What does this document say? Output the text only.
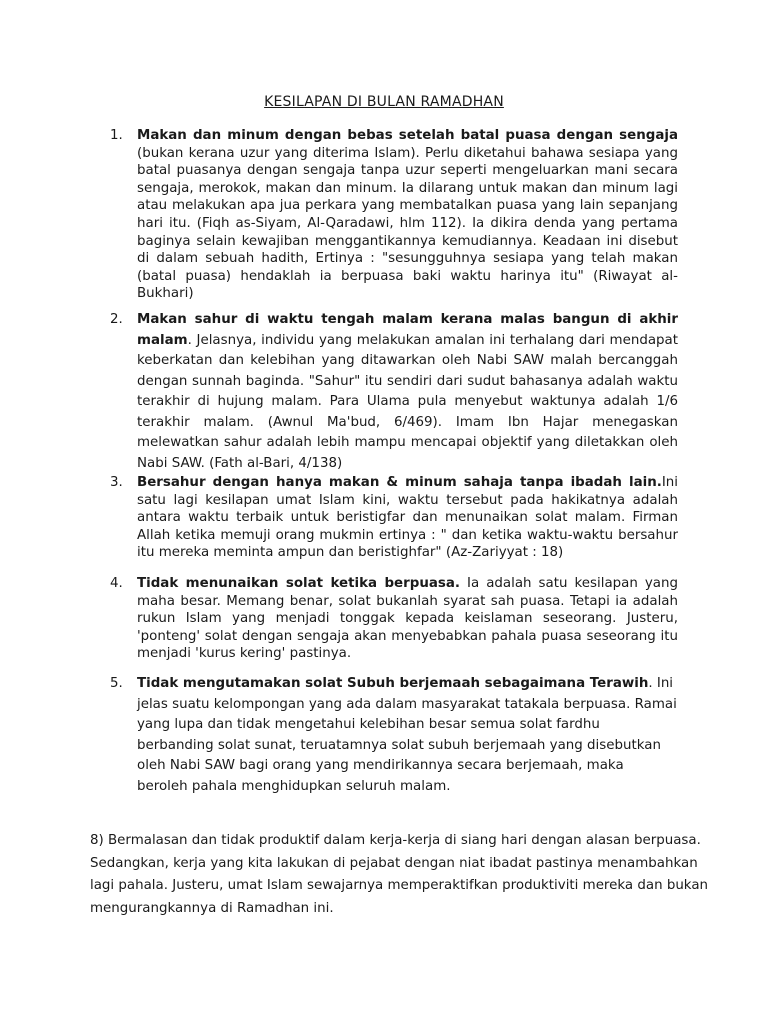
KESILAPAN DI BULAN RAMADHAN
1. Makan dan minum dengan bebas setelah batal puasa dengan sengaja (bukan kerana uzur yang diterima Islam). Perlu diketahui bahawa sesiapa yang batal puasanya dengan sengaja tanpa uzur seperti mengeluarkan mani secara sengaja, merokok, makan dan minum. Ia dilarang untuk makan dan minum lagi atau melakukan apa jua perkara yang membatalkan puasa yang lain sepanjang hari itu. (Fiqh as-Siyam, Al-Qaradawi, hlm 112). Ia dikira denda yang pertama baginya selain kewajiban menggantikannya kemudiannya. Keadaan ini disebut di dalam sebuah hadith, Ertinya : "sesungguhnya sesiapa yang telah makan (batal puasa) hendaklah ia berpuasa baki waktu harinya itu" (Riwayat al-Bukhari)
2. Makan sahur di waktu tengah malam kerana malas bangun di akhir malam. Jelasnya, individu yang melakukan amalan ini terhalang dari mendapat keberkatan dan kelebihan yang ditawarkan oleh Nabi SAW malah bercanggah dengan sunnah baginda. "Sahur" itu sendiri dari sudut bahasanya adalah waktu terakhir di hujung malam. Para Ulama pula menyebut waktunya adalah 1/6 terakhir malam. (Awnul Ma'bud, 6/469). Imam Ibn Hajar menegaskan melewatkan sahur adalah lebih mampu mencapai objektif yang diletakkan oleh Nabi SAW. (Fath al-Bari, 4/138)
3. Bersahur dengan hanya makan & minum sahaja tanpa ibadah lain.Ini satu lagi kesilapan umat Islam kini, waktu tersebut pada hakikatnya adalah antara waktu terbaik untuk beristigfar dan menunaikan solat malam. Firman Allah ketika memuji orang mukmin ertinya : " dan ketika waktu-waktu bersahur itu mereka meminta ampun dan beristighfar" (Az-Zariyyat : 18)
4. Tidak menunaikan solat ketika berpuasa. Ia adalah satu kesilapan yang maha besar. Memang benar, solat bukanlah syarat sah puasa. Tetapi ia adalah rukun Islam yang menjadi tonggak kepada keislaman seseorang. Justeru, 'ponteng' solat dengan sengaja akan menyebabkan pahala puasa seseorang itu menjadi 'kurus kering' pastinya.
5. Tidak mengutamakan solat Subuh berjemaah sebagaimana Terawih. Ini jelas suatu kelompongan yang ada dalam masyarakat tatakala berpuasa. Ramai yang lupa dan tidak mengetahui kelebihan besar semua solat fardhu berbanding solat sunat, teruatamnya solat subuh berjemaah yang disebutkan oleh Nabi SAW bagi orang yang mendirikannya secara berjemaah, maka beroleh pahala menghidupkan seluruh malam.

8) Bermalasan dan tidak produktif dalam kerja-kerja di siang hari dengan alasan berpuasa. Sedangkan, kerja yang kita lakukan di pejabat dengan niat ibadat pastinya menambahkan lagi pahala. Justeru, umat Islam sewajarnya memperaktifkan produktiviti mereka dan bukan mengurangkannya di Ramadhan ini.
